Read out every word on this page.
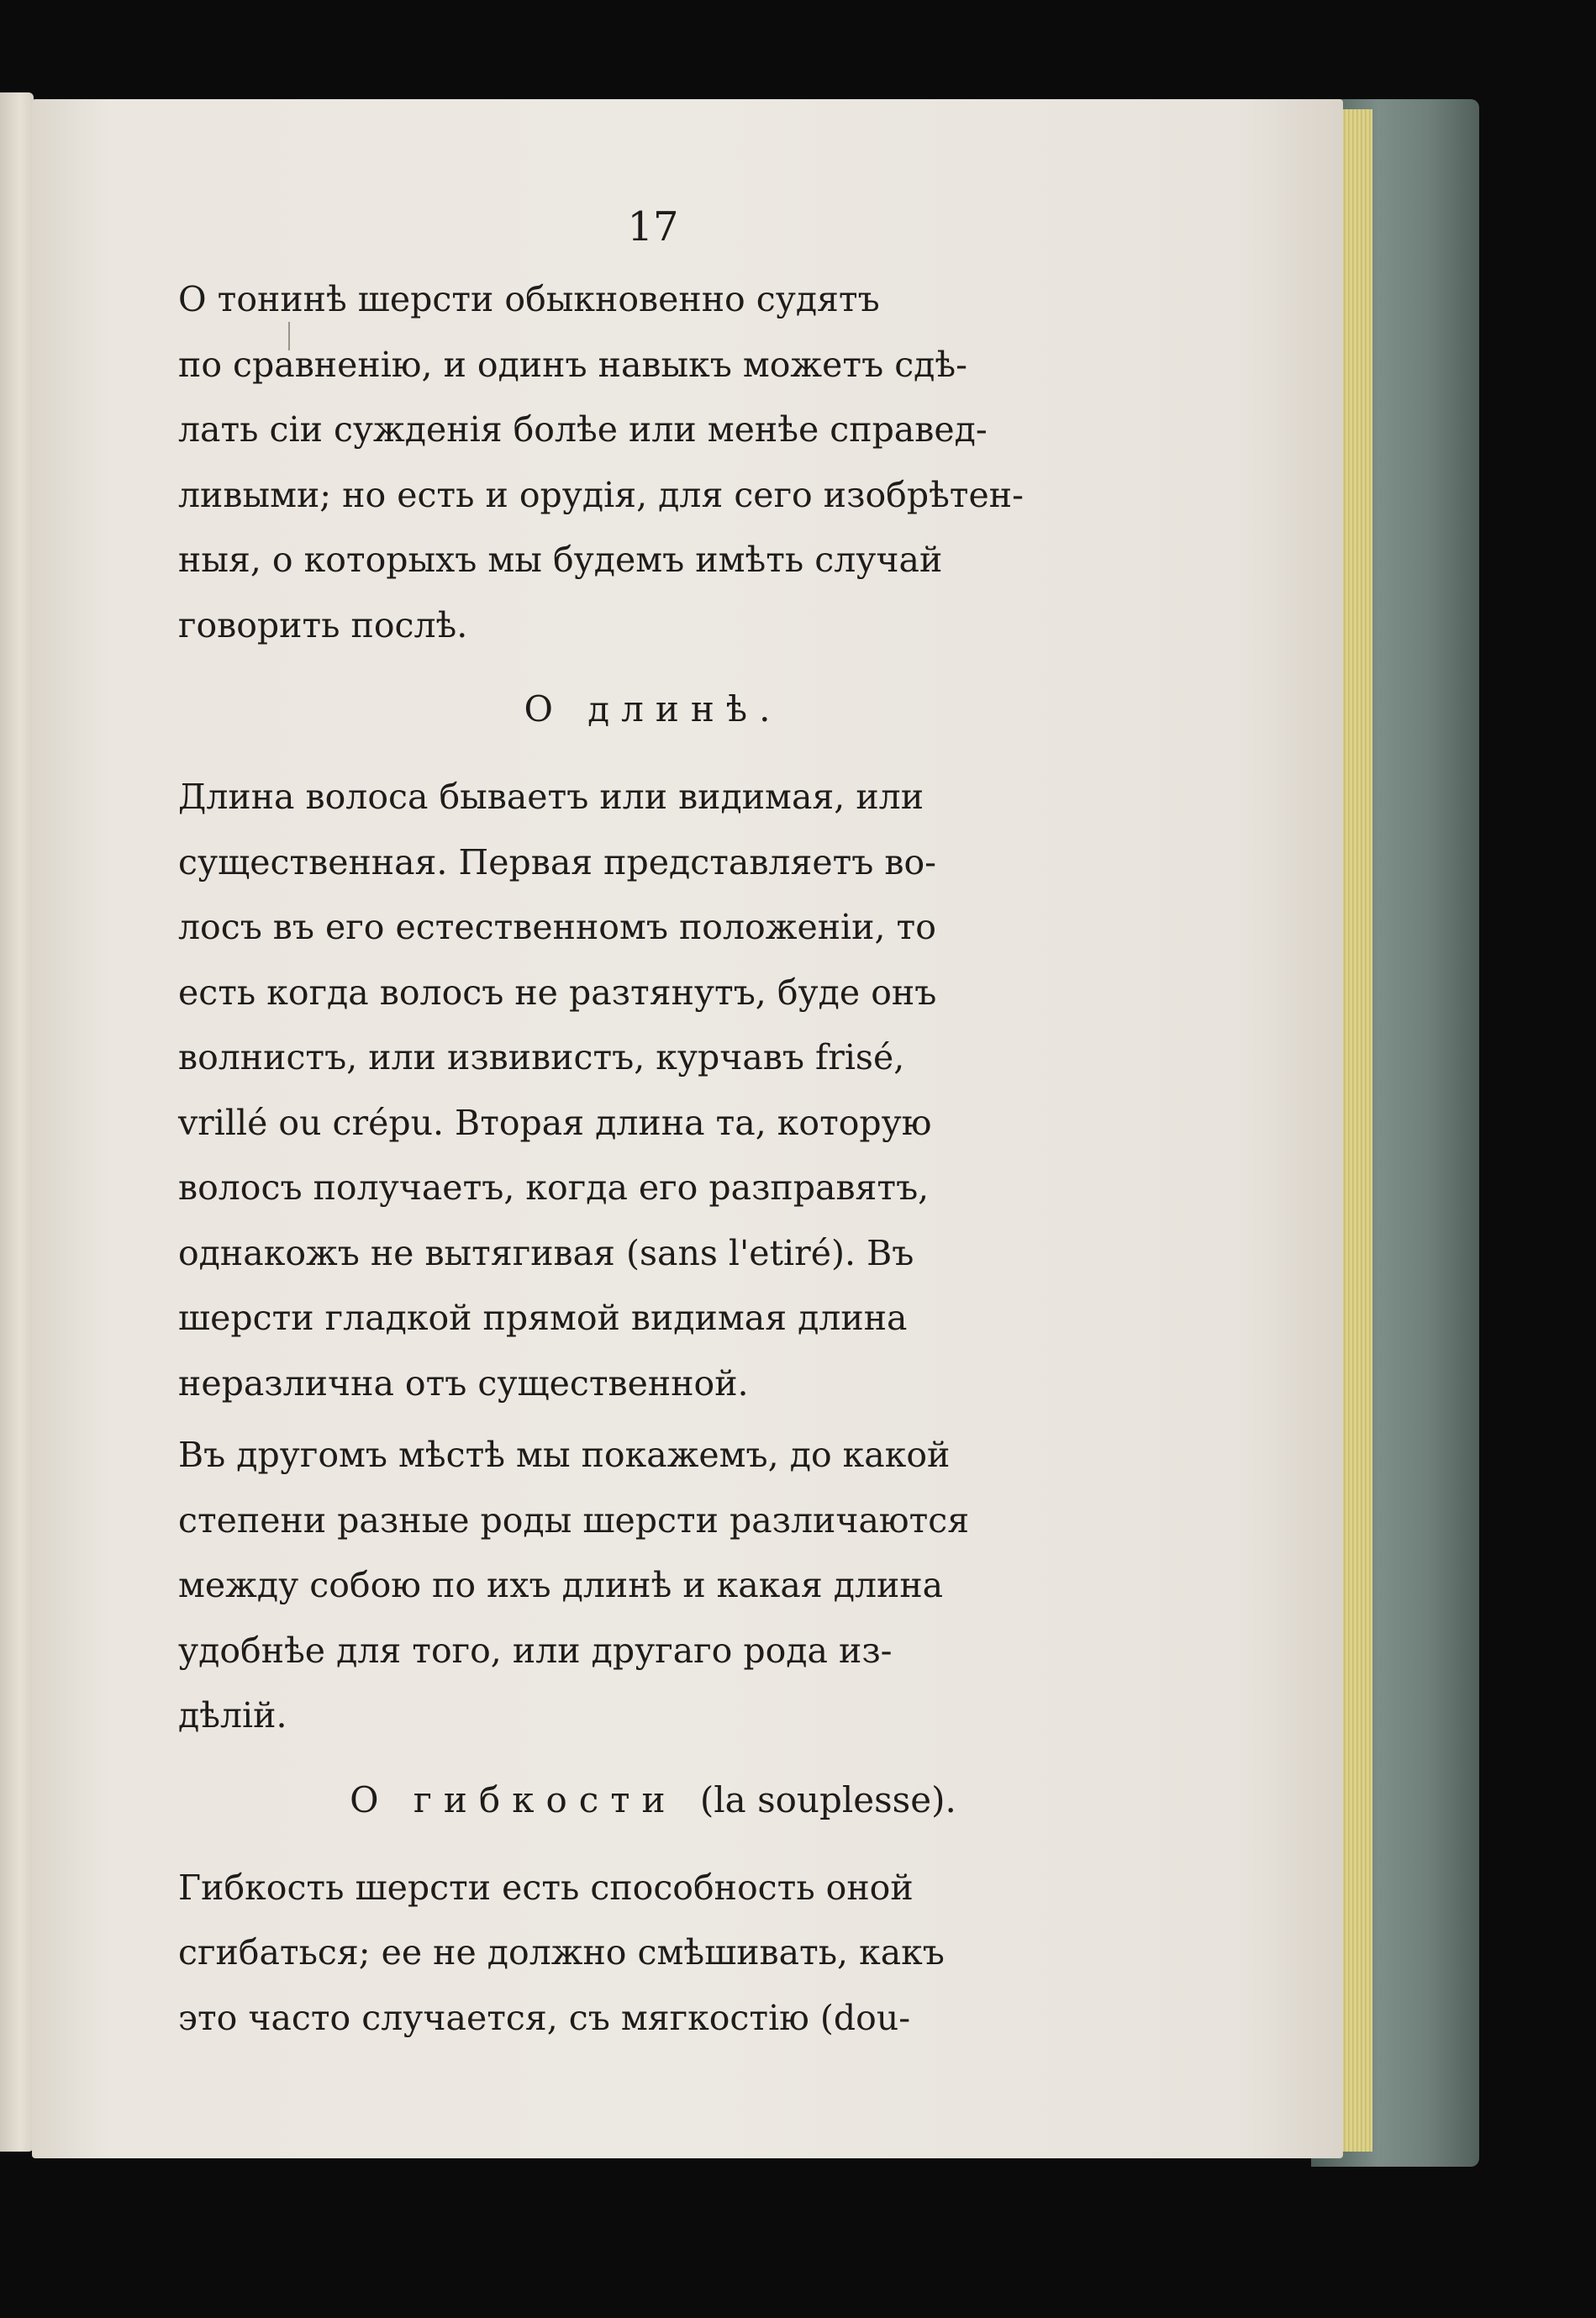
17
О тонинѣ шерсти обыкновенно судятъ
по сравненію, и одинъ навыкъ можетъ сдѣ-
лать сіи сужденія болѣе или менѣе справед-
ливыми; но есть и орудія, для сего изобрѣтен-
ныя, о которыхъ мы будемъ имѣть случай
говорить послѣ.
О длинѣ.
Длина волоса бываетъ или видимая, или
существенная. Первая представляетъ во-
лосъ въ его естественномъ положеніи, то
есть когда волосъ не разтянутъ, буде онъ
волнистъ, или извивистъ, курчавъ frisé,
vrillé ou crépu. Вторая длина та, которую
волосъ получаетъ, когда его разправятъ,
однакожъ не вытягивая (sans l'etiré). Въ
шерсти гладкой прямой видимая длина
неразлична отъ существенной.
Въ другомъ мѣстѣ мы покажемъ, до какой
степени разные роды шерсти различаются
между собою по ихъ длинѣ и какая длина
удобнѣе для того, или другаго рода из-
дѣлій.
О гибкости (la souplesse).
Гибкость шерсти есть способность оной
сгибаться; ее не должно смѣшивать, какъ
это часто случается, съ мягкостію (dou-
